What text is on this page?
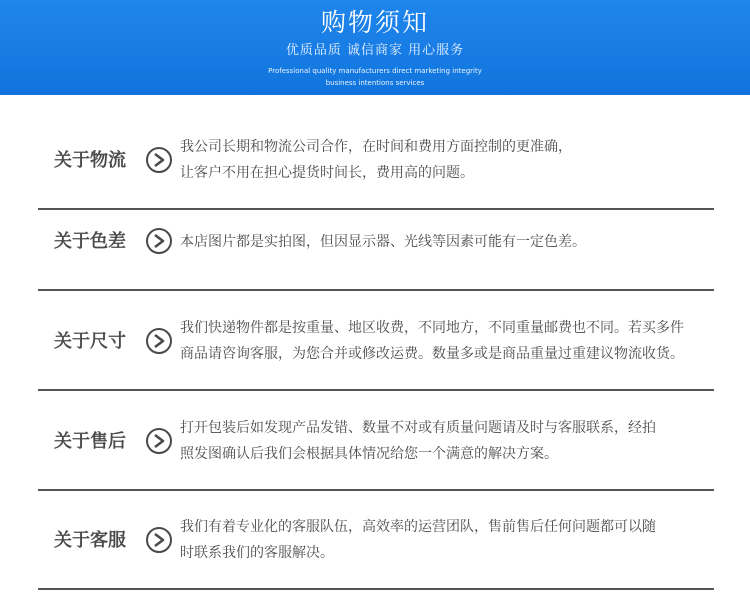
购物须知
优质品质 诚信商家 用心服务
Professional quality manufacturers direct marketing integrity
business intentions services
关于物流
我公司长期和物流公司合作，在时间和费用方面控制的更准确，
让客户不用在担心提货时间长，费用高的问题。
关于色差	本店图片都是实拍图，但因显示器、光线等因素可能有一定色差。
关于尺寸
我们快递物件都是按重量、地区收费，不同地方，不同重量邮费也不同。若买多件
商品请咨询客服，为您合并或修改运费。数量多或是商品重量过重建议物流收货。
关于售后
打开包装后如发现产品发错、数量不对或有质量问题请及时与客服联系，经拍
照发图确认后我们会根据具体情况给您一个满意的解决方案。
关于客服
我们有着专业化的客服队伍，高效率的运营团队，售前售后任何问题都可以随
时联系我们的客服解决。
